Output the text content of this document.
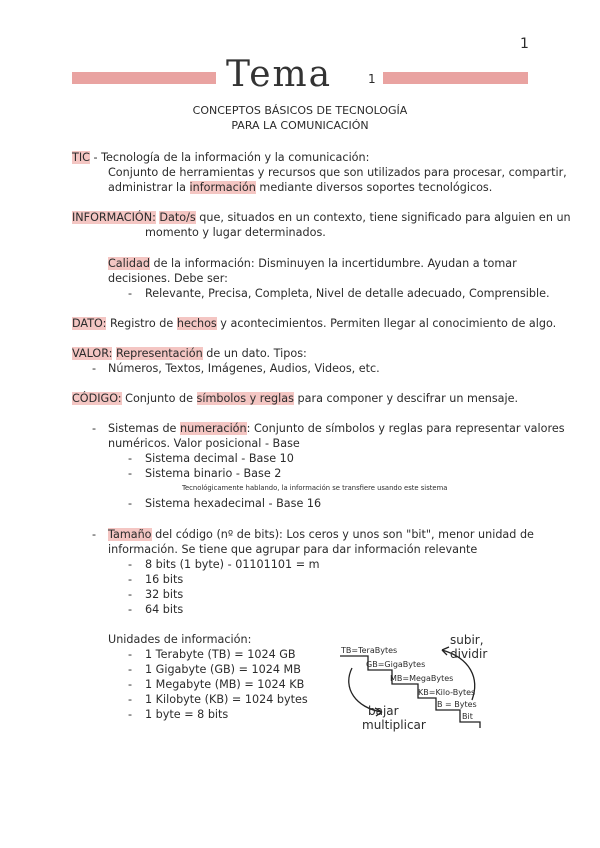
1
Tema	1
CONCEPTOS BÁSICOS DE TECNOLOGÍA
PARA LA COMUNICACIÓN
TIC - Tecnología de la información y la comunicación:
Conjunto de herramientas y recursos que son utilizados para procesar, compartir,
administrar la información mediante diversos soportes tecnológicos.
INFORMACIÓN: Dato/s que, situados en un contexto, tiene significado para alguien en un
momento y lugar determinados.
Calidad de la información: Disminuyen la incertidumbre. Ayudan a tomar
decisiones. Debe ser:
- Relevante, Precisa, Completa, Nivel de detalle adecuado, Comprensible.
DATO: Registro de hechos y acontecimientos. Permiten llegar al conocimiento de algo.
VALOR: Representación de un dato. Tipos:
- Números, Textos, Imágenes, Audios, Videos, etc.
CÓDIGO: Conjunto de símbolos y reglas para componer y descifrar un mensaje.
- Sistemas de numeración: Conjunto de símbolos y reglas para representar valores
numéricos. Valor posicional - Base
- Sistema decimal - Base 10
- Sistema binario - Base 2
Tecnológicamente hablando, la información se transfiere usando este sistema
- Sistema hexadecimal - Base 16
- Tamaño del código (nº de bits): Los ceros y unos son "bit", menor unidad de
información. Se tiene que agrupar para dar información relevante
- 8 bits (1 byte) - 01101101 = m
- 16 bits
- 32 bits
- 64 bits
Unidades de información:
- 1 Terabyte (TB) = 1024 GB
- 1 Gigabyte (GB) = 1024 MB
- 1 Megabyte (MB) = 1024 KB
- 1 Kilobyte (KB) = 1024 bytes
- 1 byte = 8 bits
TB=TeraBytes
GB=GigaBytes
MB=MegaBytes
KB=Kilo-Bytes
B = Bytes
Bit
subir,
dividir
bajar
multiplicar
